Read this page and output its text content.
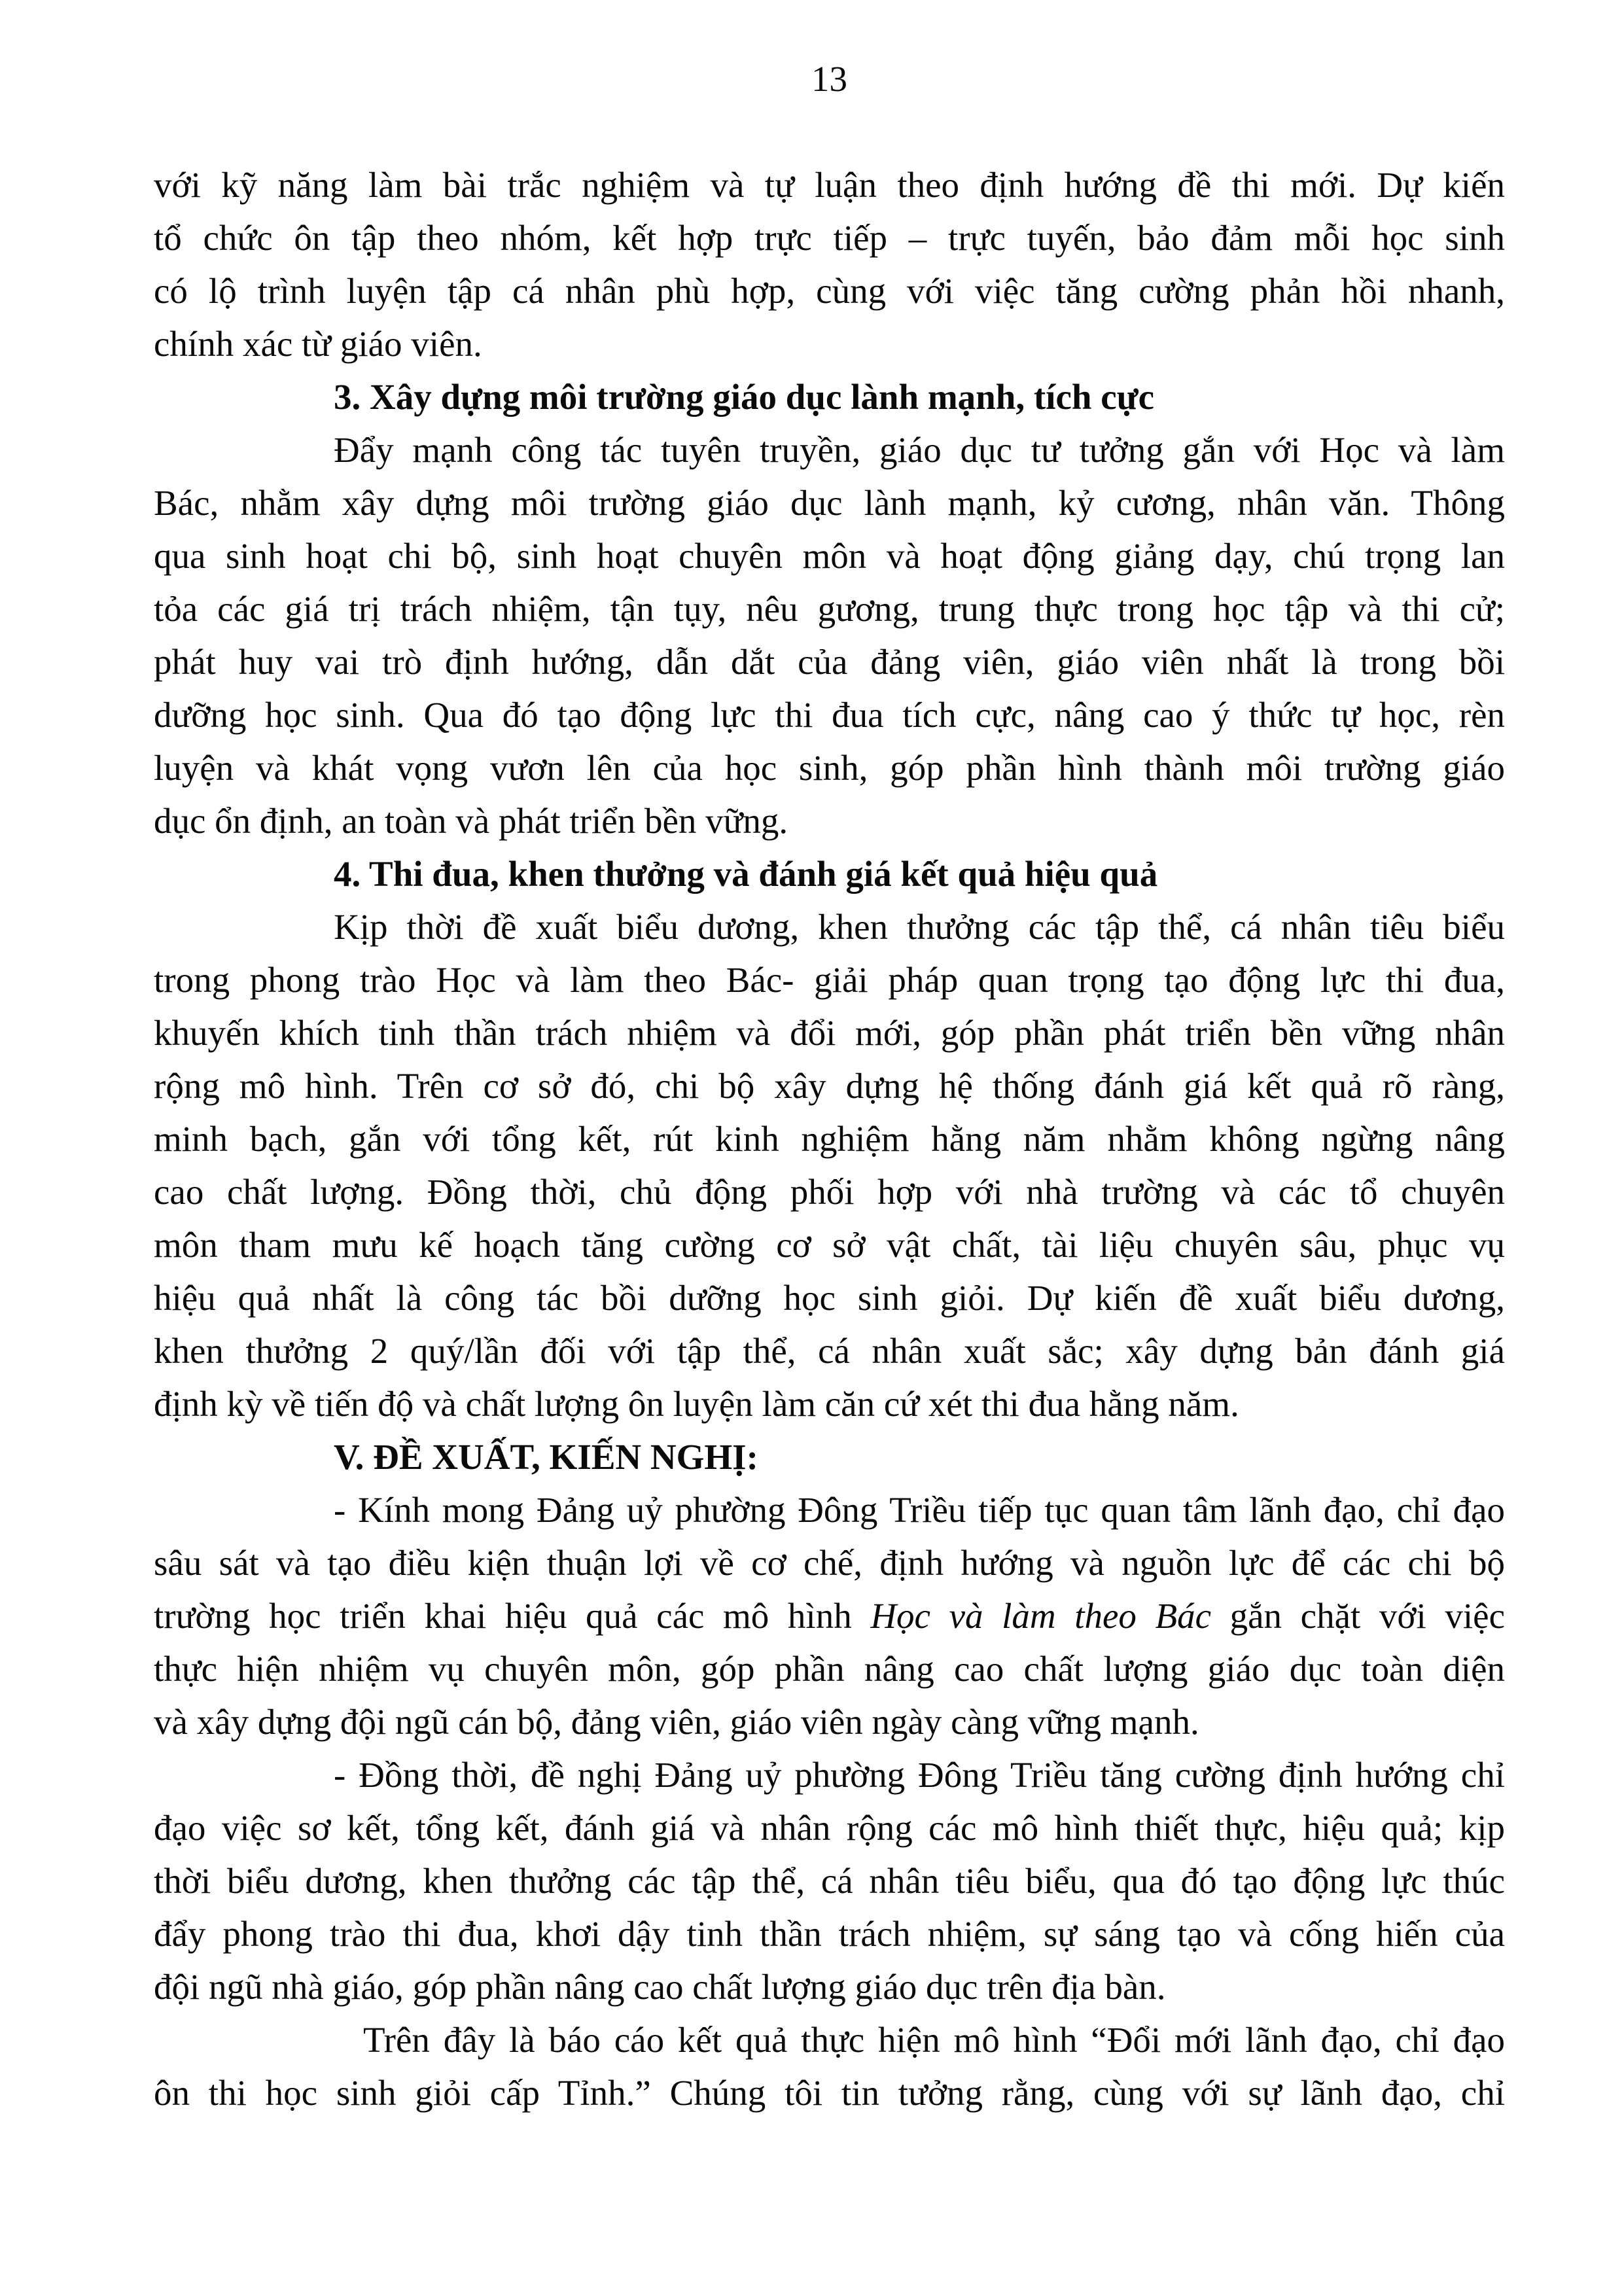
13
với kỹ năng làm bài trắc nghiệm và tự luận theo định hướng đề thi mới. Dự kiến
tổ chức ôn tập theo nhóm, kết hợp trực tiếp – trực tuyến, bảo đảm mỗi học sinh
có lộ trình luyện tập cá nhân phù hợp, cùng với việc tăng cường phản hồi nhanh,
chính xác từ giáo viên.
3. Xây dựng môi trường giáo dục lành mạnh, tích cực
Đẩy mạnh công tác tuyên truyền, giáo dục tư tưởng gắn với Học và làm
Bác, nhằm xây dựng môi trường giáo dục lành mạnh, kỷ cương, nhân văn. Thông
qua sinh hoạt chi bộ, sinh hoạt chuyên môn và hoạt động giảng dạy, chú trọng lan
tỏa các giá trị trách nhiệm, tận tụy, nêu gương, trung thực trong học tập và thi cử;
phát huy vai trò định hướng, dẫn dắt của đảng viên, giáo viên nhất là trong bồi
dưỡng học sinh. Qua đó tạo động lực thi đua tích cực, nâng cao ý thức tự học, rèn
luyện và khát vọng vươn lên của học sinh, góp phần hình thành môi trường giáo
dục ổn định, an toàn và phát triển bền vững.
4. Thi đua, khen thưởng và đánh giá kết quả hiệu quả
Kịp thời đề xuất biểu dương, khen thưởng các tập thể, cá nhân tiêu biểu
trong phong trào Học và làm theo Bác- giải pháp quan trọng tạo động lực thi đua,
khuyến khích tinh thần trách nhiệm và đổi mới, góp phần phát triển bền vững nhân
rộng mô hình. Trên cơ sở đó, chi bộ xây dựng hệ thống đánh giá kết quả rõ ràng,
minh bạch, gắn với tổng kết, rút kinh nghiệm hằng năm nhằm không ngừng nâng
cao chất lượng. Đồng thời, chủ động phối hợp với nhà trường và các tổ chuyên
môn tham mưu kế hoạch tăng cường cơ sở vật chất, tài liệu chuyên sâu, phục vụ
hiệu quả nhất là công tác bồi dưỡng học sinh giỏi. Dự kiến đề xuất biểu dương,
khen thưởng 2 quý/lần đối với tập thể, cá nhân xuất sắc; xây dựng bản đánh giá
định kỳ về tiến độ và chất lượng ôn luyện làm căn cứ xét thi đua hằng năm.
V. ĐỀ XUẤT, KIẾN NGHỊ:
- Kính mong Đảng uỷ phường Đông Triều tiếp tục quan tâm lãnh đạo, chỉ đạo
sâu sát và tạo điều kiện thuận lợi về cơ chế, định hướng và nguồn lực để các chi bộ
trường học triển khai hiệu quả các mô hình Học và làm theo Bác gắn chặt với việc
thực hiện nhiệm vụ chuyên môn, góp phần nâng cao chất lượng giáo dục toàn diện
và xây dựng đội ngũ cán bộ, đảng viên, giáo viên ngày càng vững mạnh.
- Đồng thời, đề nghị Đảng uỷ phường Đông Triều tăng cường định hướng chỉ
đạo việc sơ kết, tổng kết, đánh giá và nhân rộng các mô hình thiết thực, hiệu quả; kịp
thời biểu dương, khen thưởng các tập thể, cá nhân tiêu biểu, qua đó tạo động lực thúc
đẩy phong trào thi đua, khơi dậy tinh thần trách nhiệm, sự sáng tạo và cống hiến của
đội ngũ nhà giáo, góp phần nâng cao chất lượng giáo dục trên địa bàn.
Trên đây là báo cáo kết quả thực hiện mô hình “Đổi mới lãnh đạo, chỉ đạo
ôn thi học sinh giỏi cấp Tỉnh.” Chúng tôi tin tưởng rằng, cùng với sự lãnh đạo, chỉ
